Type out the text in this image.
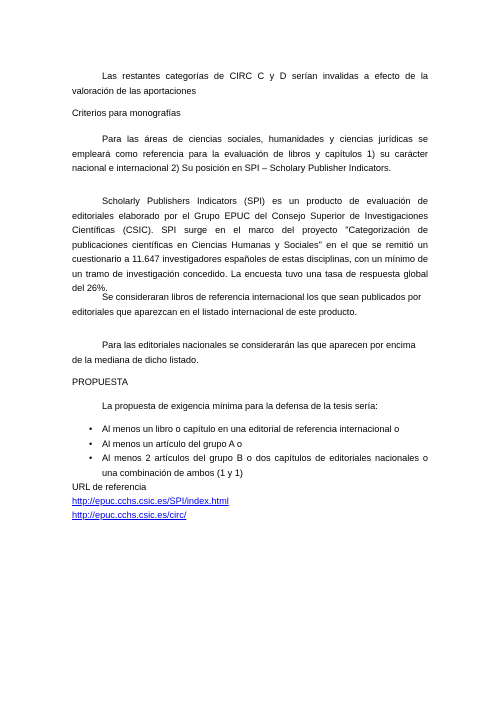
Las restantes categorías de CIRC C y D serían invalidas a efecto de la valoración de las aportaciones

Criterios para monografías

Para las áreas de ciencias sociales, humanidades y ciencias jurídicas se empleará como referencia para la evaluación de libros y capítulos 1) su carácter nacional e internacional 2) Su posición en SPI – Scholary Publisher Indicators.

Scholarly Publishers Indicators (SPI) es un producto de evaluación de editoriales elaborado por el Grupo EPUC del Consejo Superior de Investigaciones Científicas (CSIC). SPI surge en el marco del proyecto "Categorización de publicaciones científicas en Ciencias Humanas y Sociales" en el que se remitió un cuestionario a 11.647 investigadores españoles de estas disciplinas, con un mínimo de un tramo de investigación concedido. La encuesta tuvo una tasa de respuesta global del 26%.

Se consideraran libros de referencia internacional los que sean publicados por editoriales que aparezcan en el listado internacional de este producto.

Para las editoriales nacionales se considerarán las que aparecen por encima de la mediana de dicho listado.

PROPUESTA

La propuesta de exigencia mínima para la defensa de la tesis sería:

• Al menos un libro o capítulo en una editorial de referencia internacional o
• Al menos un artículo del grupo A o
• Al menos 2 artículos del grupo B o dos capítulos de editoriales nacionales o una combinación de ambos (1 y 1)

URL de referencia

http://epuc.cchs.csic.es/SPI/index.html
http://epuc.cchs.csic.es/circ/
